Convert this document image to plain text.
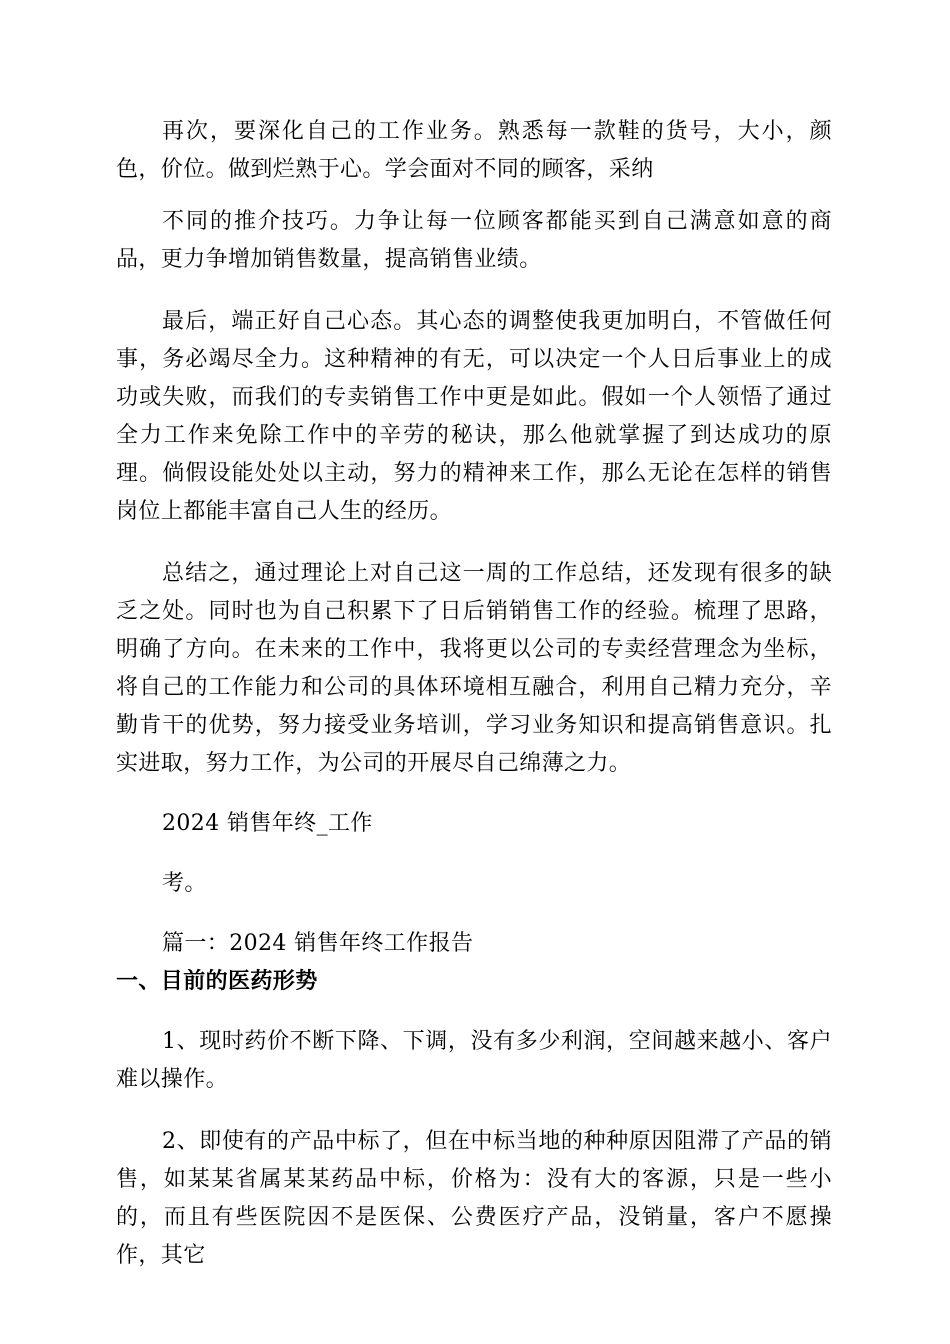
再次，要深化自己的工作业务。熟悉每一款鞋的货号，大小，颜色，价位。做到烂熟于心。学会面对不同的顾客，采纳

不同的推介技巧。力争让每一位顾客都能买到自己满意如意的商品，更力争增加销售数量，提高销售业绩。

最后，端正好自己心态。其心态的调整使我更加明白，不管做任何事，务必竭尽全力。这种精神的有无，可以决定一个人日后事业上的成功或失败，而我们的专卖销售工作中更是如此。假如一个人领悟了通过全力工作来免除工作中的辛劳的秘诀，那么他就掌握了到达成功的原理。倘假设能处处以主动，努力的精神来工作，那么无论在怎样的销售岗位上都能丰富自己人生的经历。

总结之，通过理论上对自己这一周的工作总结，还发现有很多的缺乏之处。同时也为自己积累下了日后销销售工作的经验。梳理了思路，明确了方向。在未来的工作中，我将更以公司的专卖经营理念为坐标，将自己的工作能力和公司的具体环境相互融合，利用自己精力充分，辛勤肯干的优势，努力接受业务培训，学习业务知识和提高销售意识。扎实进取，努力工作，为公司的开展尽自己绵薄之力。

2024 销售年终_工作

考。

篇一：2024 销售年终工作报告

一、目前的医药形势

1、现时药价不断下降、下调，没有多少利润，空间越来越小、客户难以操作。

2、即使有的产品中标了，但在中标当地的种种原因阻滞了产品的销售，如某某省属某某药品中标，价格为：没有大的客源，只是一些小的，而且有些医院因不是医保、公费医疗产品，没销量，客户不愿操作，其它
